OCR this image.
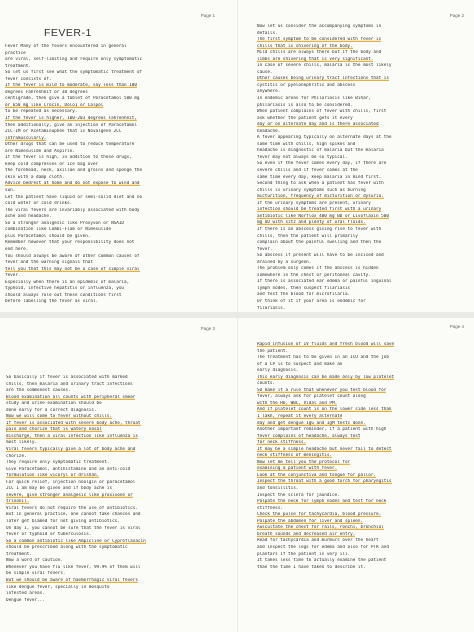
Page 1
FEVER-1
Fever Many of the fevers encountered in general
practice
are viral, self-limiting and require only symptomatic
treatment.
So let us first see what the symptomatic treatment of
fever consists of.
If the fever is mild to moderate, say less than 100
degrees Fahrenheit or 38 degrees
centigrade, then give a tablet of Paracetamol 500 mg
or 650 mg like Crocin, Dolo1 or Calpol
to be repeated as necessary.
If the fever is higher, 100-203 degrees Fahrenheit,
then additionally, give an injection of Paracetamol
2CC-IM or Acetaminophen that is Novalgene 2CC
intramuscularly.
Other drugs that can be used to reduce temperature
are Nimesulide and Aspirin.
If the fever is high, in addition to these drugs,
keep cold compresses or ice bag over
the forehead, neck, axillae and groins and sponge the
skin with a damp cloth.
Advice bedrest at home and do not expose to wind and
sun.
Let the patient have liquid or semi-solid diet and no
cold water or cold drinks.
The viral fevers are invariably associated with body
ache and headache.
So a stronger analgesic like Proxyvon or NSAID
combination like Combi-Flam or Nimesulide
plus Paracetamol should be given.
Remember however that your responsibility does not
end here.
You should always be aware of other common causes of
fever and the warning signals that
tell you that this may not be a case of simple viral
fever.
Especially when there is an epidemic of malaria,
typhoid, infective hepatitis or influenza, you
should always rule out these conditions first
before labelling the fever as viral.
Page 2
Now let us consider the accompanying symptoms in
details.
The first symptom to be considered with fever is
chills that is shivering of the body.
Mild chills are always there but if the body and
limbs are shivering that is very significant.
In case of severe chills, malaria is the most likely
cause.
Other causes being urinary tract infections that is
cystitis or pyelonephritis and abscess
anywhere.
In endemic areas for Philariasis like Bihar,
philariasis is also to be considered.
When patient complains of fever with chills, first
ask whether the patient gets it every
day or on alternate day and is there associated
headache.
A fever appearing typically on alternate days at the
same time with chills, high spikes and
headache is diagnostic of malaria but the malaria
fever may not always be so typical.
So even if the fever comes every day, if there are
severe chills and if fever comes at the
same time every day, keep malaria in mind first.
Second thing to ask when a patient has fever with
chills is urinary symptoms such as burning
micturition, frequency of micturition or dysuria.
If the urinary symptoms are present, urinary
infection should be treated first with a urinary
antibiotic like Norflox 400 mg BD or Livoflaxin 500
mg OD with sitz and plenty of oral fluids.
If there is an abscess giving rise to fever with
chills, then the patient will primarily
complain about the painful swelling and then the
fever.
So abscess if present will have to be incised and
drained by a surgeon.
The problem only comes if the abscess is hidden
somewhere in the chest or peritoneal cavity.
If there is associated ear edema or painful inguinal
lymph nodes, then suspect filariasis
and test the blood for microfilaria.
Or think of it if your area is endemic for
filariasis.
Page 3
So basically if fever is associated with marked
chills, then malaria and urinary tract infections
are the commonest causes.
Blood examination all counts with peripheral smear
study and urine examination should be
done early for a correct diagnosis.
Now we will come to fever without chills.
If fever is associated with severe body ache, throat
pain and chorize that is watery nasal
discharge, then a viral infection like influenza is
most likely.
Viral fevers typically give a lot of body ache and
chorize.
They require only symptomatic treatment.
Give Paracetamol, antihistamine and an anti-cold
formulation like vicoryl or drishan.
For quick relief, injection noolgin or paracetamol
2CC I am may be given and if body ache is
severe, give stronger analgesic like proxivone or
trinonil.
Viral fevers do not require the use of antibiotics.
But in general practice, one cannot take chances and
later get blamed for not giving antibiotics.
On day 1, you cannot be sure that the fever is viral
fever or typhoid or tuberculosis.
So a common antibiotic like Ampicline or Cyproflaxacin
should be prescribed along with the symptomatic
treatment.
Now a word of caution.
Whenever you have flu like fever, 99.9% of them will
be simple viral fevers.
But we should be aware of haemorrhagic viral fevers
like dengue fever, specially in mosquito
infested areas.
Dengue fever...
Page 4
Rapid infusion of IV fluids and fresh blood will save
the patient.
The treatment has to be given in an ICU and the job
of a CP is to suspect and make an
early diagnosis.
This early diagnosis can be made only by low platelet
counts.
SO make it a rule that whenever you test blood for
fever, always ask for platelet count along
with the Hb, WBC, Vidal and PM.
And if platelet count is on the lower side less than
1 lakh, repeat it every alternate
day and get dengue IgG and IgM tests done.
Another important reminder, if a patient with high
fever complains of headache, always test
for neck stiffness.
It may be a simple headache but never fail to detect
neck stiffness of meningitis.
Now let me tell you the protocol for
examining a patient with fever.
Look at the conjunctiva and tongue for pallor.
Inspect the throat with a good torch for pharyngitis
and tonsillitis.
Inspect the sclera for jaundice.
Palpate the neck for lymph nodes and test for neck
stiffness.
Check the pulse for tachycardia, blood pressure.
Palpate the abdomen for liver and spleen.
Auscultate the chest for rails, ronchi, bronchial
breath sounds and decreased air entry.
Read for tachycardia and murmurs over the heart
and inspect the legs for edema and also for PTR and
plantars if the patient is very ill.
It takes less time to actually examine the patient
than the time I have taken to describe it.
